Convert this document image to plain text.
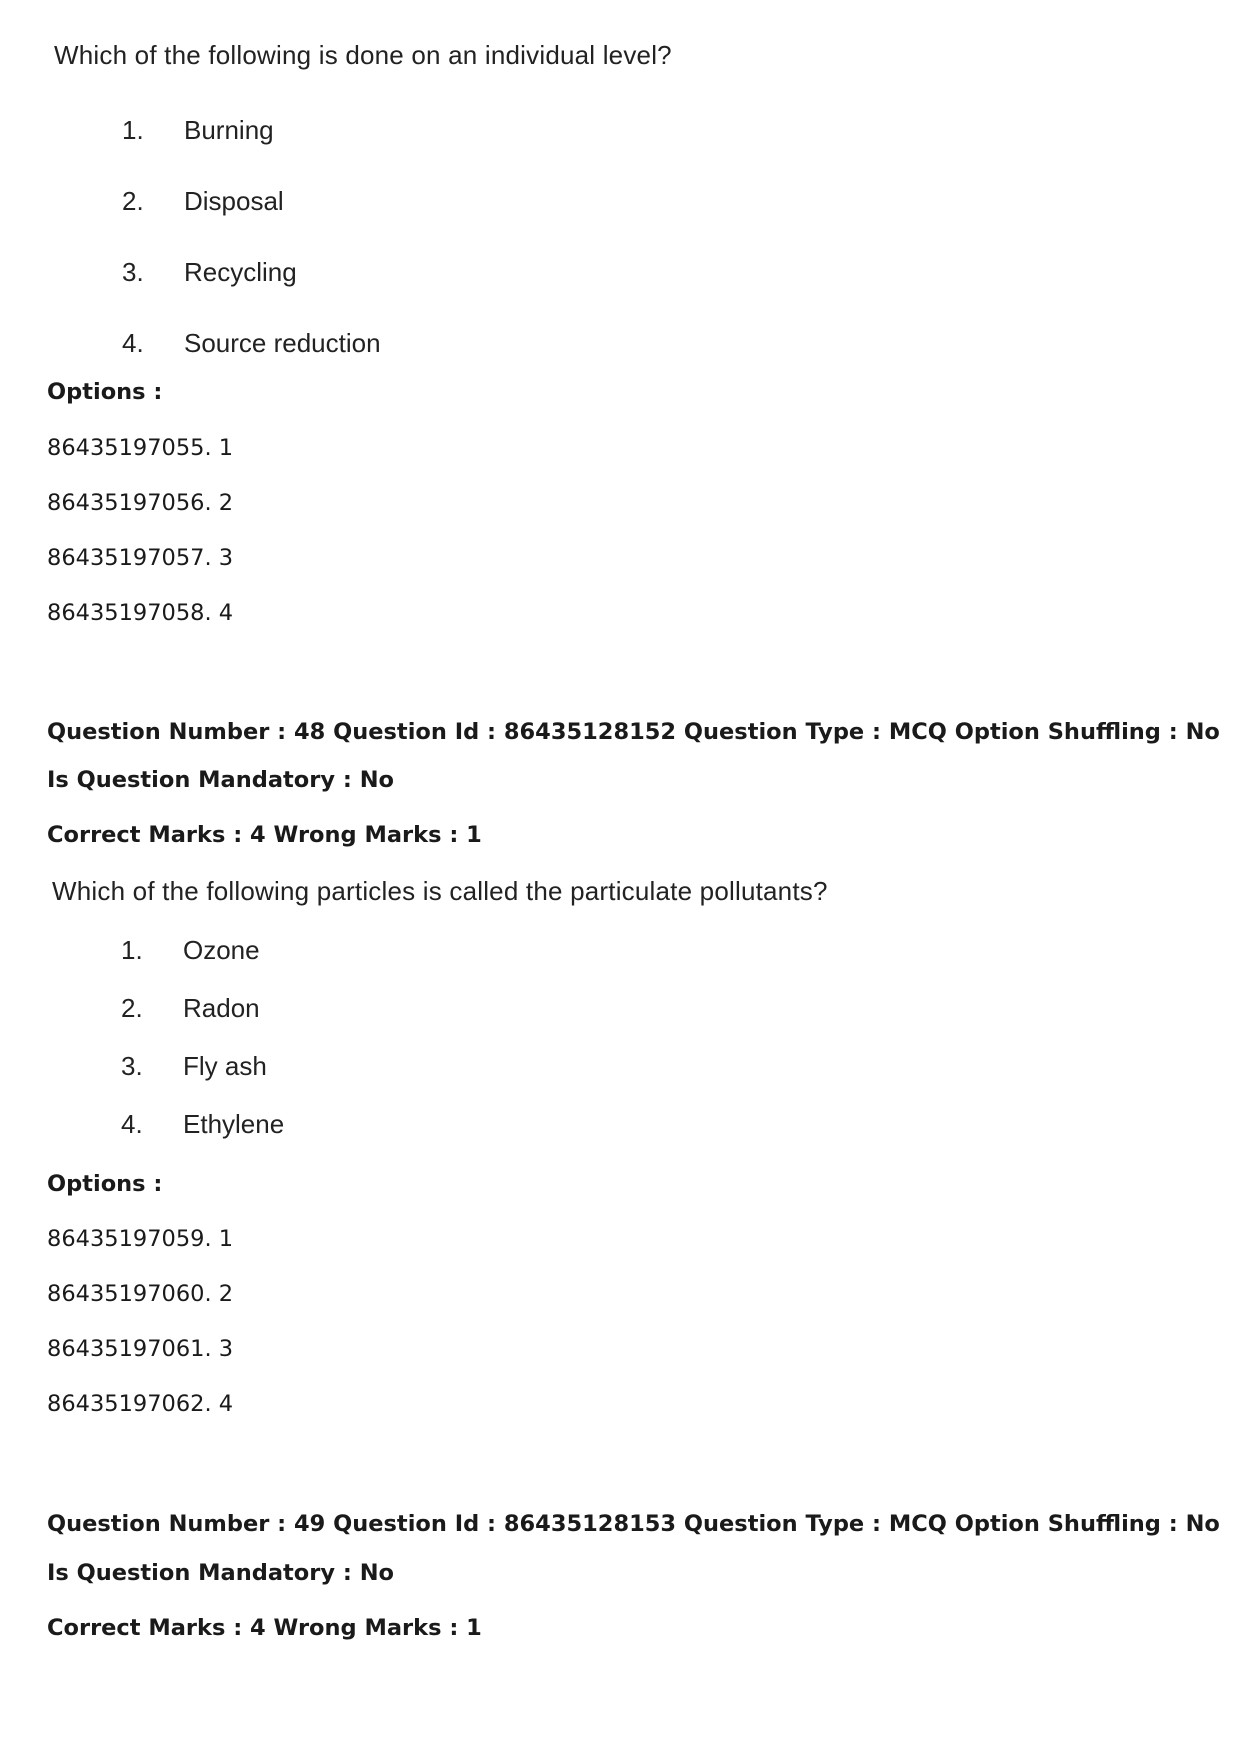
Which of the following is done on an individual level?
1. Burning
2. Disposal
3. Recycling
4. Source reduction
Options :
86435197055. 1
86435197056. 2
86435197057. 3
86435197058. 4
Question Number : 48 Question Id : 86435128152 Question Type : MCQ Option Shuffling : No
Is Question Mandatory : No
Correct Marks : 4 Wrong Marks : 1
Which of the following particles is called the particulate pollutants?
1. Ozone
2. Radon
3. Fly ash
4. Ethylene
Options :
86435197059. 1
86435197060. 2
86435197061. 3
86435197062. 4
Question Number : 49 Question Id : 86435128153 Question Type : MCQ Option Shuffling : No
Is Question Mandatory : No
Correct Marks : 4 Wrong Marks : 1
